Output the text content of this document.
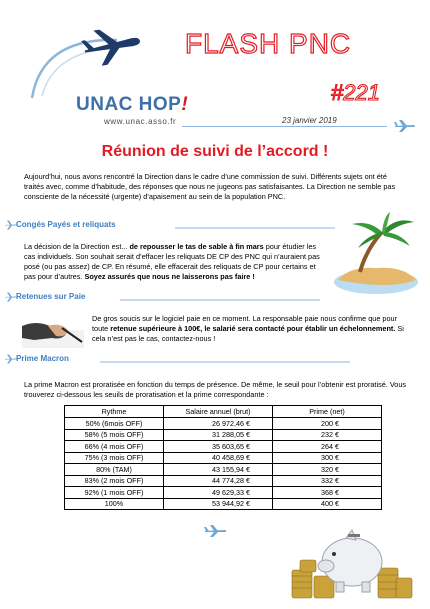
UNAC HOP!
www.unac.asso.fr
FLASH PNC
#221
23 janvier 2019
Réunion de suivi de l’accord !
Aujourd’hui, nous avons rencontré la Direction dans le cadre d’une commission de suivi. Différents sujets ont été traités avec, comme d’habitude, des réponses que nous ne jugeons pas satisfaisantes. La Direction ne semble pas consciente de la nécessité (urgente) d’apaisement au sein de la population PNC.
Congés Payés et reliquats
La décision de la Direction est... de repousser le tas de sable à fin mars pour étudier les cas individuels. Son souhait serait d’effacer les reliquats DE CP des PNC qui n’auraient pas posé (ou pas assez) de CP. En résumé, elle effacerait des reliquats de CP pour certains et pas pour d’autres. Soyez assurés que nous ne laisserons pas faire !
Retenues sur Paie
De gros soucis sur le logiciel paie en ce moment. La responsable paie nous confirme que pour toute retenue supérieure à 100€, le salarié sera contacté pour établir un échelonnement. Si cela n’est pas le cas, contactez-nous !
Prime Macron
La prime Macron est proratisée en fonction du temps de présence. De même, le seuil pour l’obtenir est proratisé. Vous trouverez ci-dessous les seuils de proratisation et la prime correspondante :
Rythme	Salaire annuel (brut)	Prime (net)
50% (6mois OFF)	26 972,46 €	200 €
58% (5 mois OFF)	31 288,05 €	232 €
66% (4 mois OFF)	35 603,65 €	264 €
75% (3 mois OFF)	40 458,69 €	300 €
80% (TAM)	43 155,94 €	320 €
83% (2 mois OFF)	44 774,28 €	332 €
92% (1 mois OFF)	49 629,33 €	368 €
100%	53 944,92 €	400 €
